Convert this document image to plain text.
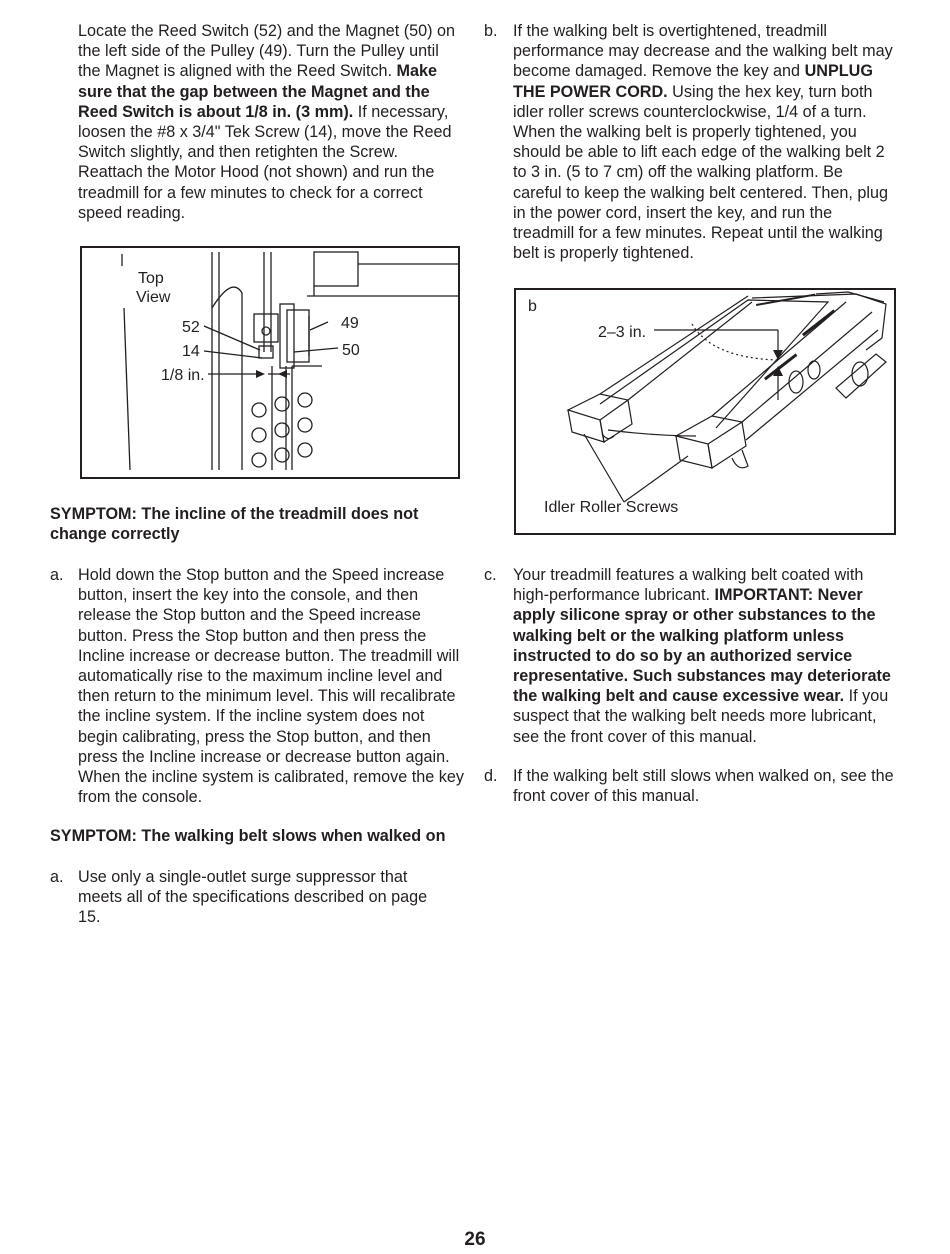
Locate the Reed Switch (52) and the Magnet (50) on the left side of the Pulley (49). Turn the Pulley until the Magnet is aligned with the Reed Switch. Make sure that the gap between the Magnet and the Reed Switch is about 1/8 in. (3 mm). If necessary, loosen the #8 x 3/4" Tek Screw (14), move the Reed Switch slightly, and then retighten the Screw. Reattach the Motor Hood (not shown) and run the treadmill for a few minutes to check for a correct speed reading.
Top
View
52
14
1/8 in.
49
50
SYMPTOM: The incline of the treadmill does not change correctly
a. Hold down the Stop button and the Speed increase button, insert the key into the console, and then release the Stop button and the Speed increase button. Press the Stop button and then press the Incline increase or decrease button. The treadmill will automatically rise to the maximum incline level and then return to the minimum level. This will recalibrate the incline system. If the incline system does not begin calibrating, press the Stop button, and then press the Incline increase or decrease button again. When the incline system is calibrated, remove the key from the console.
SYMPTOM: The walking belt slows when walked on
a. Use only a single-outlet surge suppressor that meets all of the specifications described on page 15.
b. If the walking belt is overtightened, treadmill performance may decrease and the walking belt may become damaged. Remove the key and UNPLUG THE POWER CORD. Using the hex key, turn both idler roller screws counterclockwise, 1/4 of a turn. When the walking belt is properly tightened, you should be able to lift each edge of the walking belt 2 to 3 in. (5 to 7 cm) off the walking platform. Be careful to keep the walking belt centered. Then, plug in the power cord, insert the key, and run the treadmill for a few minutes. Repeat until the walking belt is properly tightened.
b
2–3 in.
Idler Roller Screws
c. Your treadmill features a walking belt coated with high-performance lubricant. IMPORTANT: Never apply silicone spray or other substances to the walking belt or the walking platform unless instructed to do so by an authorized service representative. Such substances may deteriorate the walking belt and cause excessive wear. If you suspect that the walking belt needs more lubricant, see the front cover of this manual.
d. If the walking belt still slows when walked on, see the front cover of this manual.
26
